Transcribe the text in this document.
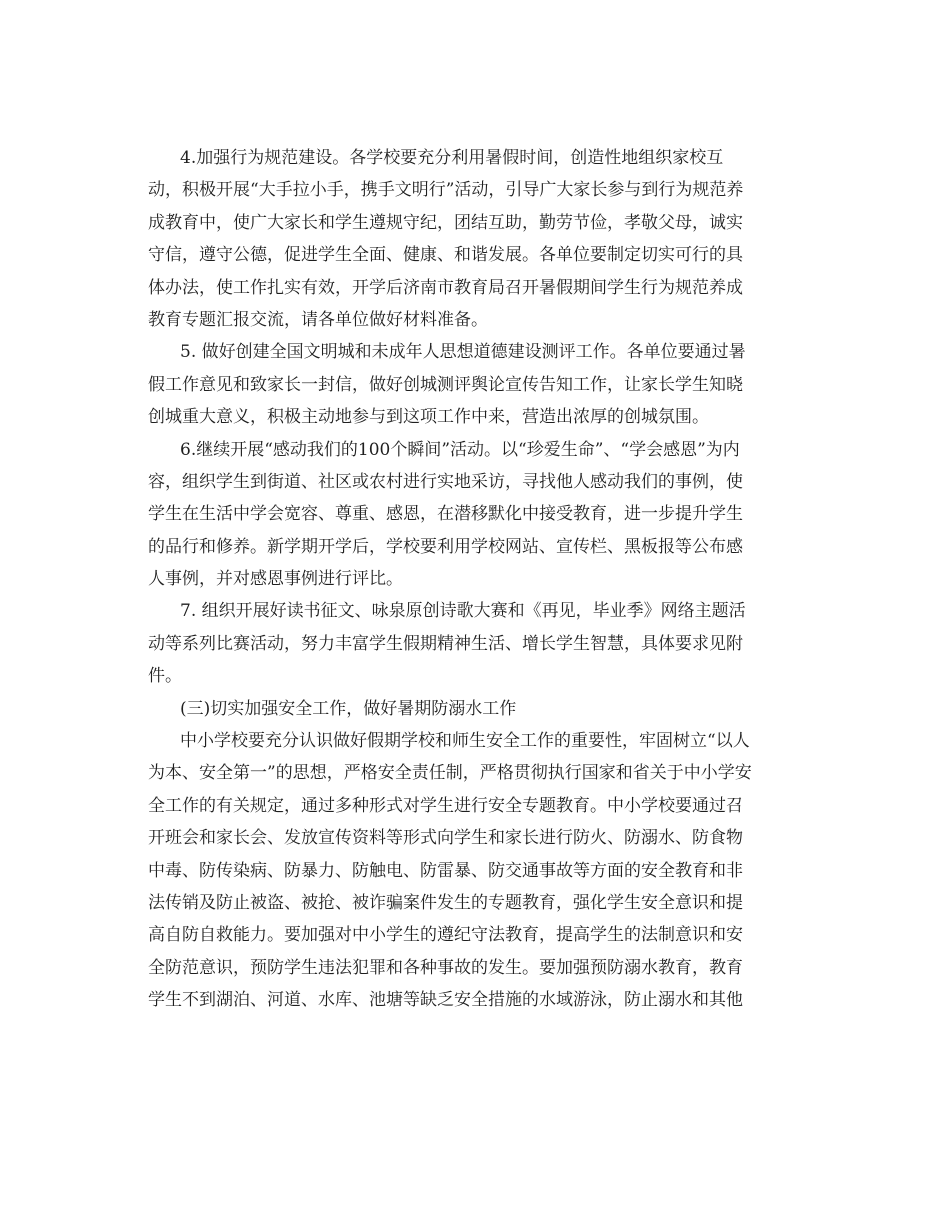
4.加强行为规范建设。各学校要充分利用暑假时间，创造性地组织家校互
动，积极开展“大手拉小手，携手文明行”活动，引导广大家长参与到行为规范养
成教育中，使广大家长和学生遵规守纪，团结互助，勤劳节俭，孝敬父母，诚实
守信，遵守公德，促进学生全面、健康、和谐发展。各单位要制定切实可行的具
体办法，使工作扎实有效，开学后济南市教育局召开暑假期间学生行为规范养成
教育专题汇报交流，请各单位做好材料准备。
5. 做好创建全国文明城和未成年人思想道德建设测评工作。各单位要通过暑
假工作意见和致家长一封信，做好创城测评舆论宣传告知工作，让家长学生知晓
创城重大意义，积极主动地参与到这项工作中来，营造出浓厚的创城氛围。
6.继续开展“感动我们的100个瞬间”活动。以“珍爱生命”、“学会感恩”为内
容，组织学生到街道、社区或农村进行实地采访，寻找他人感动我们的事例，使
学生在生活中学会宽容、尊重、感恩，在潜移默化中接受教育，进一步提升学生
的品行和修养。新学期开学后，学校要利用学校网站、宣传栏、黑板报等公布感
人事例，并对感恩事例进行评比。
7. 组织开展好读书征文、咏泉原创诗歌大赛和《再见，毕业季》网络主题活
动等系列比赛活动，努力丰富学生假期精神生活、增长学生智慧，具体要求见附
件。
(三)切实加强安全工作，做好暑期防溺水工作
中小学校要充分认识做好假期学校和师生安全工作的重要性，牢固树立“以人
为本、安全第一”的思想，严格安全责任制，严格贯彻执行国家和省关于中小学安
全工作的有关规定，通过多种形式对学生进行安全专题教育。中小学校要通过召
开班会和家长会、发放宣传资料等形式向学生和家长进行防火、防溺水、防食物
中毒、防传染病、防暴力、防触电、防雷暴、防交通事故等方面的安全教育和非
法传销及防止被盗、被抢、被诈骗案件发生的专题教育，强化学生安全意识和提
高自防自救能力。要加强对中小学生的遵纪守法教育，提高学生的法制意识和安
全防范意识，预防学生违法犯罪和各种事故的发生。要加强预防溺水教育，教育
学生不到湖泊、河道、水库、池塘等缺乏安全措施的水域游泳，防止溺水和其他
